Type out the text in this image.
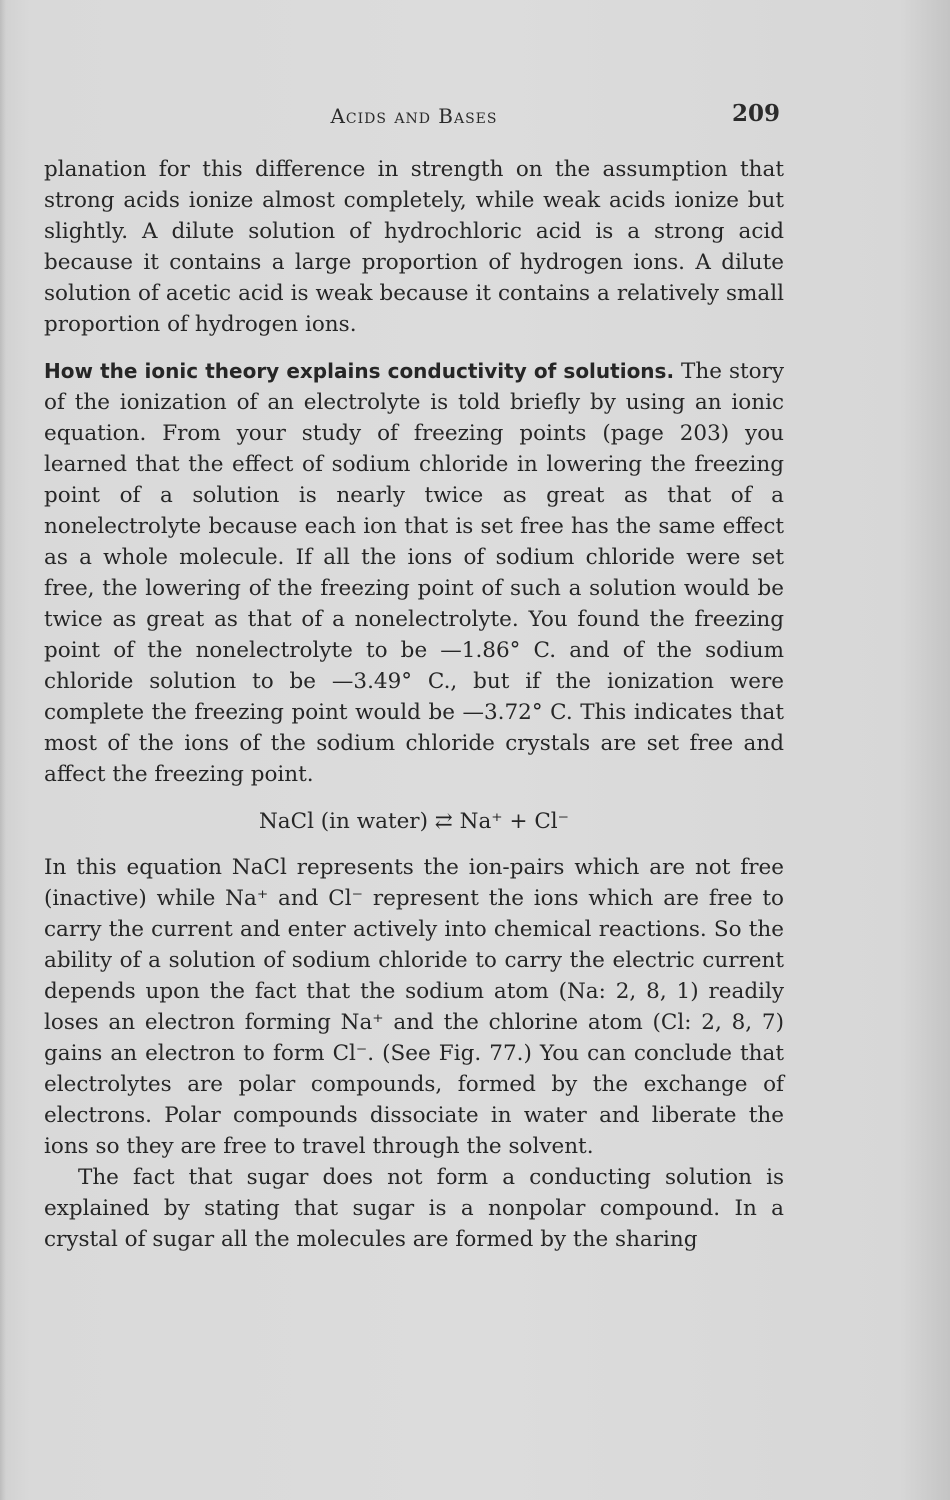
Acids and Bases	209

planation for this difference in strength on the assumption that strong acids ionize almost completely, while weak acids ionize but slightly. A dilute solution of hydrochloric acid is a strong acid because it contains a large proportion of hydrogen ions. A dilute solution of acetic acid is weak because it contains a relatively small proportion of hydrogen ions.

How the ionic theory explains conductivity of solutions. The story of the ionization of an electrolyte is told briefly by using an ionic equation. From your study of freezing points (page 203) you learned that the effect of sodium chloride in lowering the freezing point of a solution is nearly twice as great as that of a nonelectrolyte because each ion that is set free has the same effect as a whole molecule. If all the ions of sodium chloride were set free, the lowering of the freezing point of such a solution would be twice as great as that of a nonelectrolyte. You found the freezing point of the nonelectrolyte to be —1.86° C. and of the sodium chloride solution to be —3.49° C., but if the ionization were complete the freezing point would be —3.72° C. This indicates that most of the ions of the sodium chloride crystals are set free and affect the freezing point.

NaCl (in water) ⇄ Na⁺ + Cl⁻

In this equation NaCl represents the ion-pairs which are not free (inactive) while Na⁺ and Cl⁻ represent the ions which are free to carry the current and enter actively into chemical reactions. So the ability of a solution of sodium chloride to carry the electric current depends upon the fact that the sodium atom (Na: 2, 8, 1) readily loses an electron forming Na⁺ and the chlorine atom (Cl: 2, 8, 7) gains an electron to form Cl⁻. (See Fig. 77.) You can conclude that electrolytes are polar compounds, formed by the exchange of electrons. Polar compounds dissociate in water and liberate the ions so they are free to travel through the solvent.

The fact that sugar does not form a conducting solution is explained by stating that sugar is a nonpolar compound. In a crystal of sugar all the molecules are formed by the sharing
